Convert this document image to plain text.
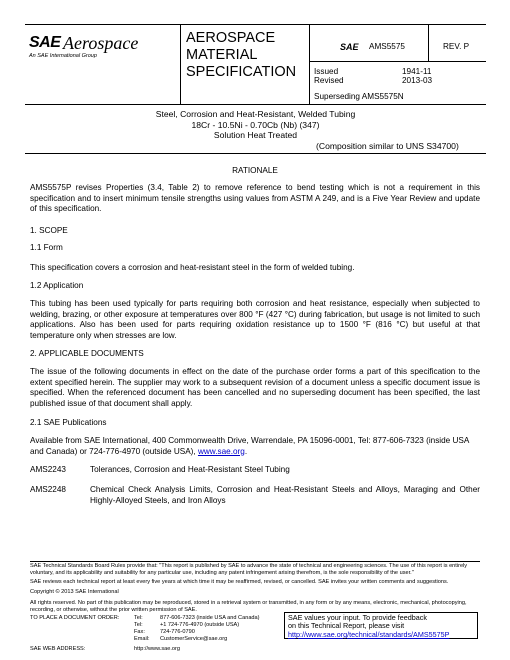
SAE Aerospace
An SAE International Group
AEROSPACE
MATERIAL
SPECIFICATION
SAE AMS5575	REV. P
Issued	1941-11
Revised	2013-03
Superseding AMS5575N
Steel, Corrosion and Heat-Resistant, Welded Tubing
18Cr - 10.5Ni - 0.70Cb (Nb) (347)
Solution Heat Treated
(Composition similar to UNS S34700)
RATIONALE
AMS5575P revises Properties (3.4, Table 2) to remove reference to bend testing which is not a requirement in this specification and to insert minimum tensile strengths using values from ASTM A 249, and is a Five Year Review and update of this specification.
1. SCOPE
1.1 Form
This specification covers a corrosion and heat-resistant steel in the form of welded tubing.
1.2 Application
This tubing has been used typically for parts requiring both corrosion and heat resistance, especially when subjected to welding, brazing, or other exposure at temperatures over 800 °F (427 °C) during fabrication, but usage is not limited to such applications. Also has been used for parts requiring oxidation resistance up to 1500 °F (816 °C) but useful at that temperature only when stresses are low.
2. APPLICABLE DOCUMENTS
The issue of the following documents in effect on the date of the purchase order forms a part of this specification to the extent specified herein. The supplier may work to a subsequent revision of a document unless a specific document issue is specified. When the referenced document has been cancelled and no superseding document has been specified, the last published issue of that document shall apply.
2.1 SAE Publications
Available from SAE International, 400 Commonwealth Drive, Warrendale, PA 15096-0001, Tel: 877-606-7323 (inside USA and Canada) or 724-776-4970 (outside USA), www.sae.org.
AMS2243	Tolerances, Corrosion and Heat-Resistant Steel Tubing
AMS2248	Chemical Check Analysis Limits, Corrosion and Heat-Resistant Steels and Alloys, Maraging and Other Highly-Alloyed Steels, and Iron Alloys
SAE Technical Standards Board Rules provide that: "This report is published by SAE to advance the state of technical and engineering sciences. The use of this report is entirely voluntary, and its applicability and suitability for any particular use, including any patent infringement arising therefrom, is the sole responsibility of the user."
SAE reviews each technical report at least every five years at which time it may be reaffirmed, revised, or cancelled. SAE invites your written comments and suggestions.
Copyright © 2013 SAE International
All rights reserved. No part of this publication may be reproduced, stored in a retrieval system or transmitted, in any form or by any means, electronic, mechanical, photocopying, recording, or otherwise, without the prior written permission of SAE.
TO PLACE A DOCUMENT ORDER:	Tel:	877-606-7323 (inside USA and Canada)
Tel:	+1 724-776-4970 (outside USA)
Fax:	724-776-0790
Email: CustomerService@sae.org
SAE WEB ADDRESS:	http://www.sae.org
SAE values your input. To provide feedback
on this Technical Report, please visit
http://www.sae.org/technical/standards/AMS5575P
